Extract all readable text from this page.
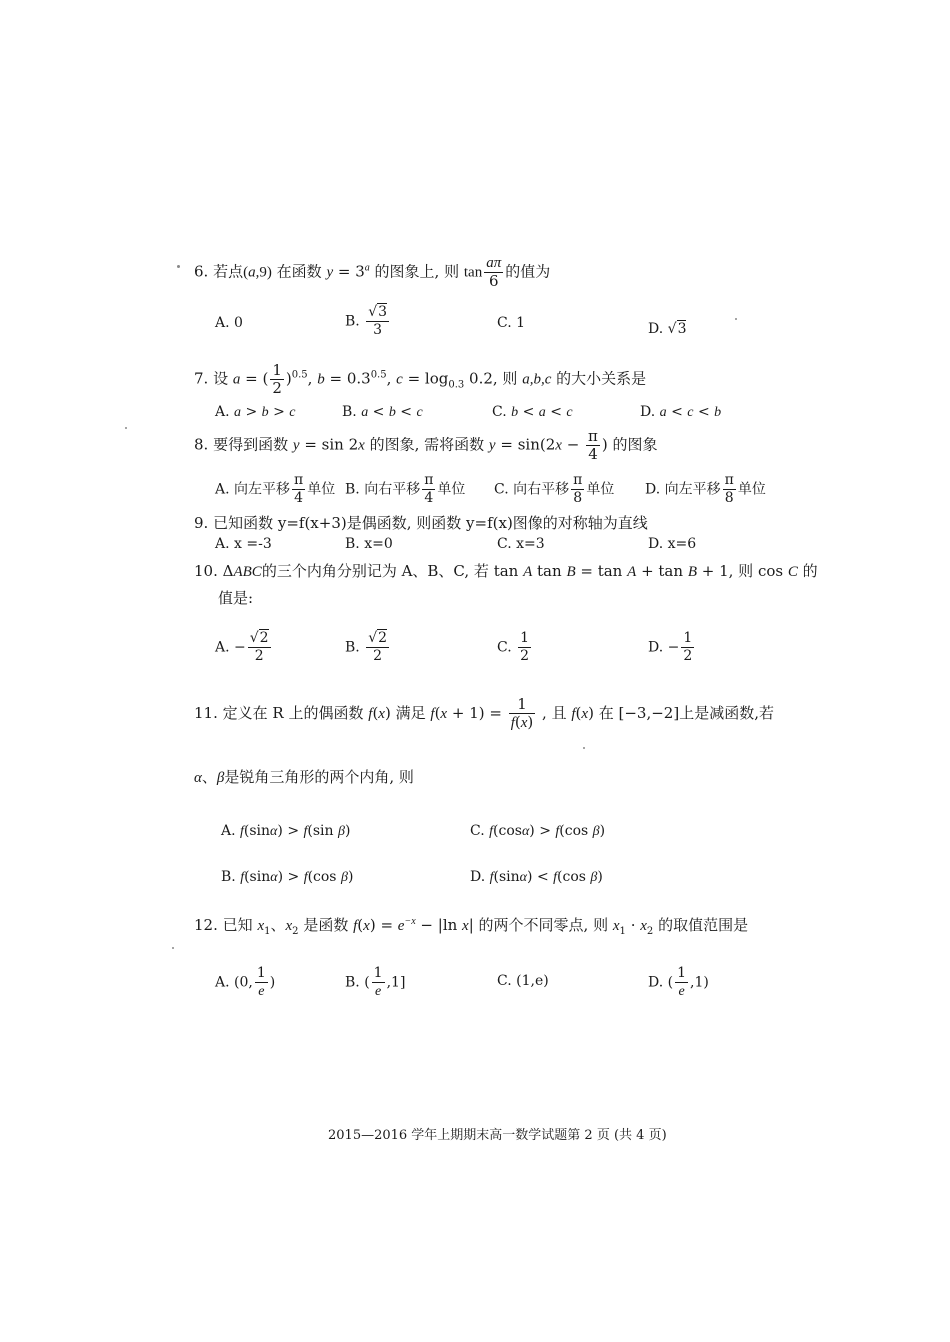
6. 若点(a,9) 在函数 $y = 3^a$ 的图象上, 则 $\tan \frac{a\pi}{6}$ 的值为
A. 0	B. $\frac{√3}{3}$	C. 1	D. √3
7. 设 a = ( $\frac{1}{2} )^{0.5}$, $b = 0.3^{0.5}$, $c = \log_{0.3} 0.2$, 则 a,b,c 的大小关系是
A. a > b > c	B. a < b < c	C. b < a < c	D. a < c < b
8. 要得到函数 y = sin 2x 的图象, 需将函数 $y = \sin(2x - \frac{\pi}{4}$ ) 的图象
A. 向左平移 $\frac{\pi}{4}$ 单位 B. 向右平移 $\frac{\pi}{4}$ 单位 C. 向右平移 $\frac{\pi}{8}$ 单位 D. 向左平移 $\frac{\pi}{8}$ 单位
9. 已知函数 y=f(x+3)是偶函数, 则函数 y=f(x)图像的对称轴为直线
A. x =-3	B. x=0	C. x=3	D. x=6
10. ΔABC的三个内角分别记为 A、B、C, 若 tan A tan B = tan A + tan B + 1, 则 cos C 的
值是:
A. − $\frac{√2}{2}$	B. $\frac{√2}{2}$	C. $\frac{1}{2}$	D. − $\frac{1}{2}$
11. 定义在 R 上的偶函数 f(x) 满足 $f(x + 1) = \frac{1}{f(x)}$ , 且 f(x) 在 [−3,−2]上是减函数,若
α、β是锐角三角形的两个内角, 则
A. f(sinα) > f(sin β)	C. f(cosα) > f(cos β)
B. f(sinα) > f(cos β)	D. f(sinα) < f(cos β)
12. 已知 $x_1$、$x_2$ 是函数 $f(x) = e^{-x} - |\ln$ x| 的两个不同零点, 则 $x_1 \cdot x_2$ 的取值范围是
A. (0, $\frac{1}{e}$ )	B. ( $\frac{1}{e} ,1$]	C. (1,e)	D. ( $\frac{1}{e} ,1$)
2015—2016 学年上期期末高一数学试题第 2 页 (共 4 页)
